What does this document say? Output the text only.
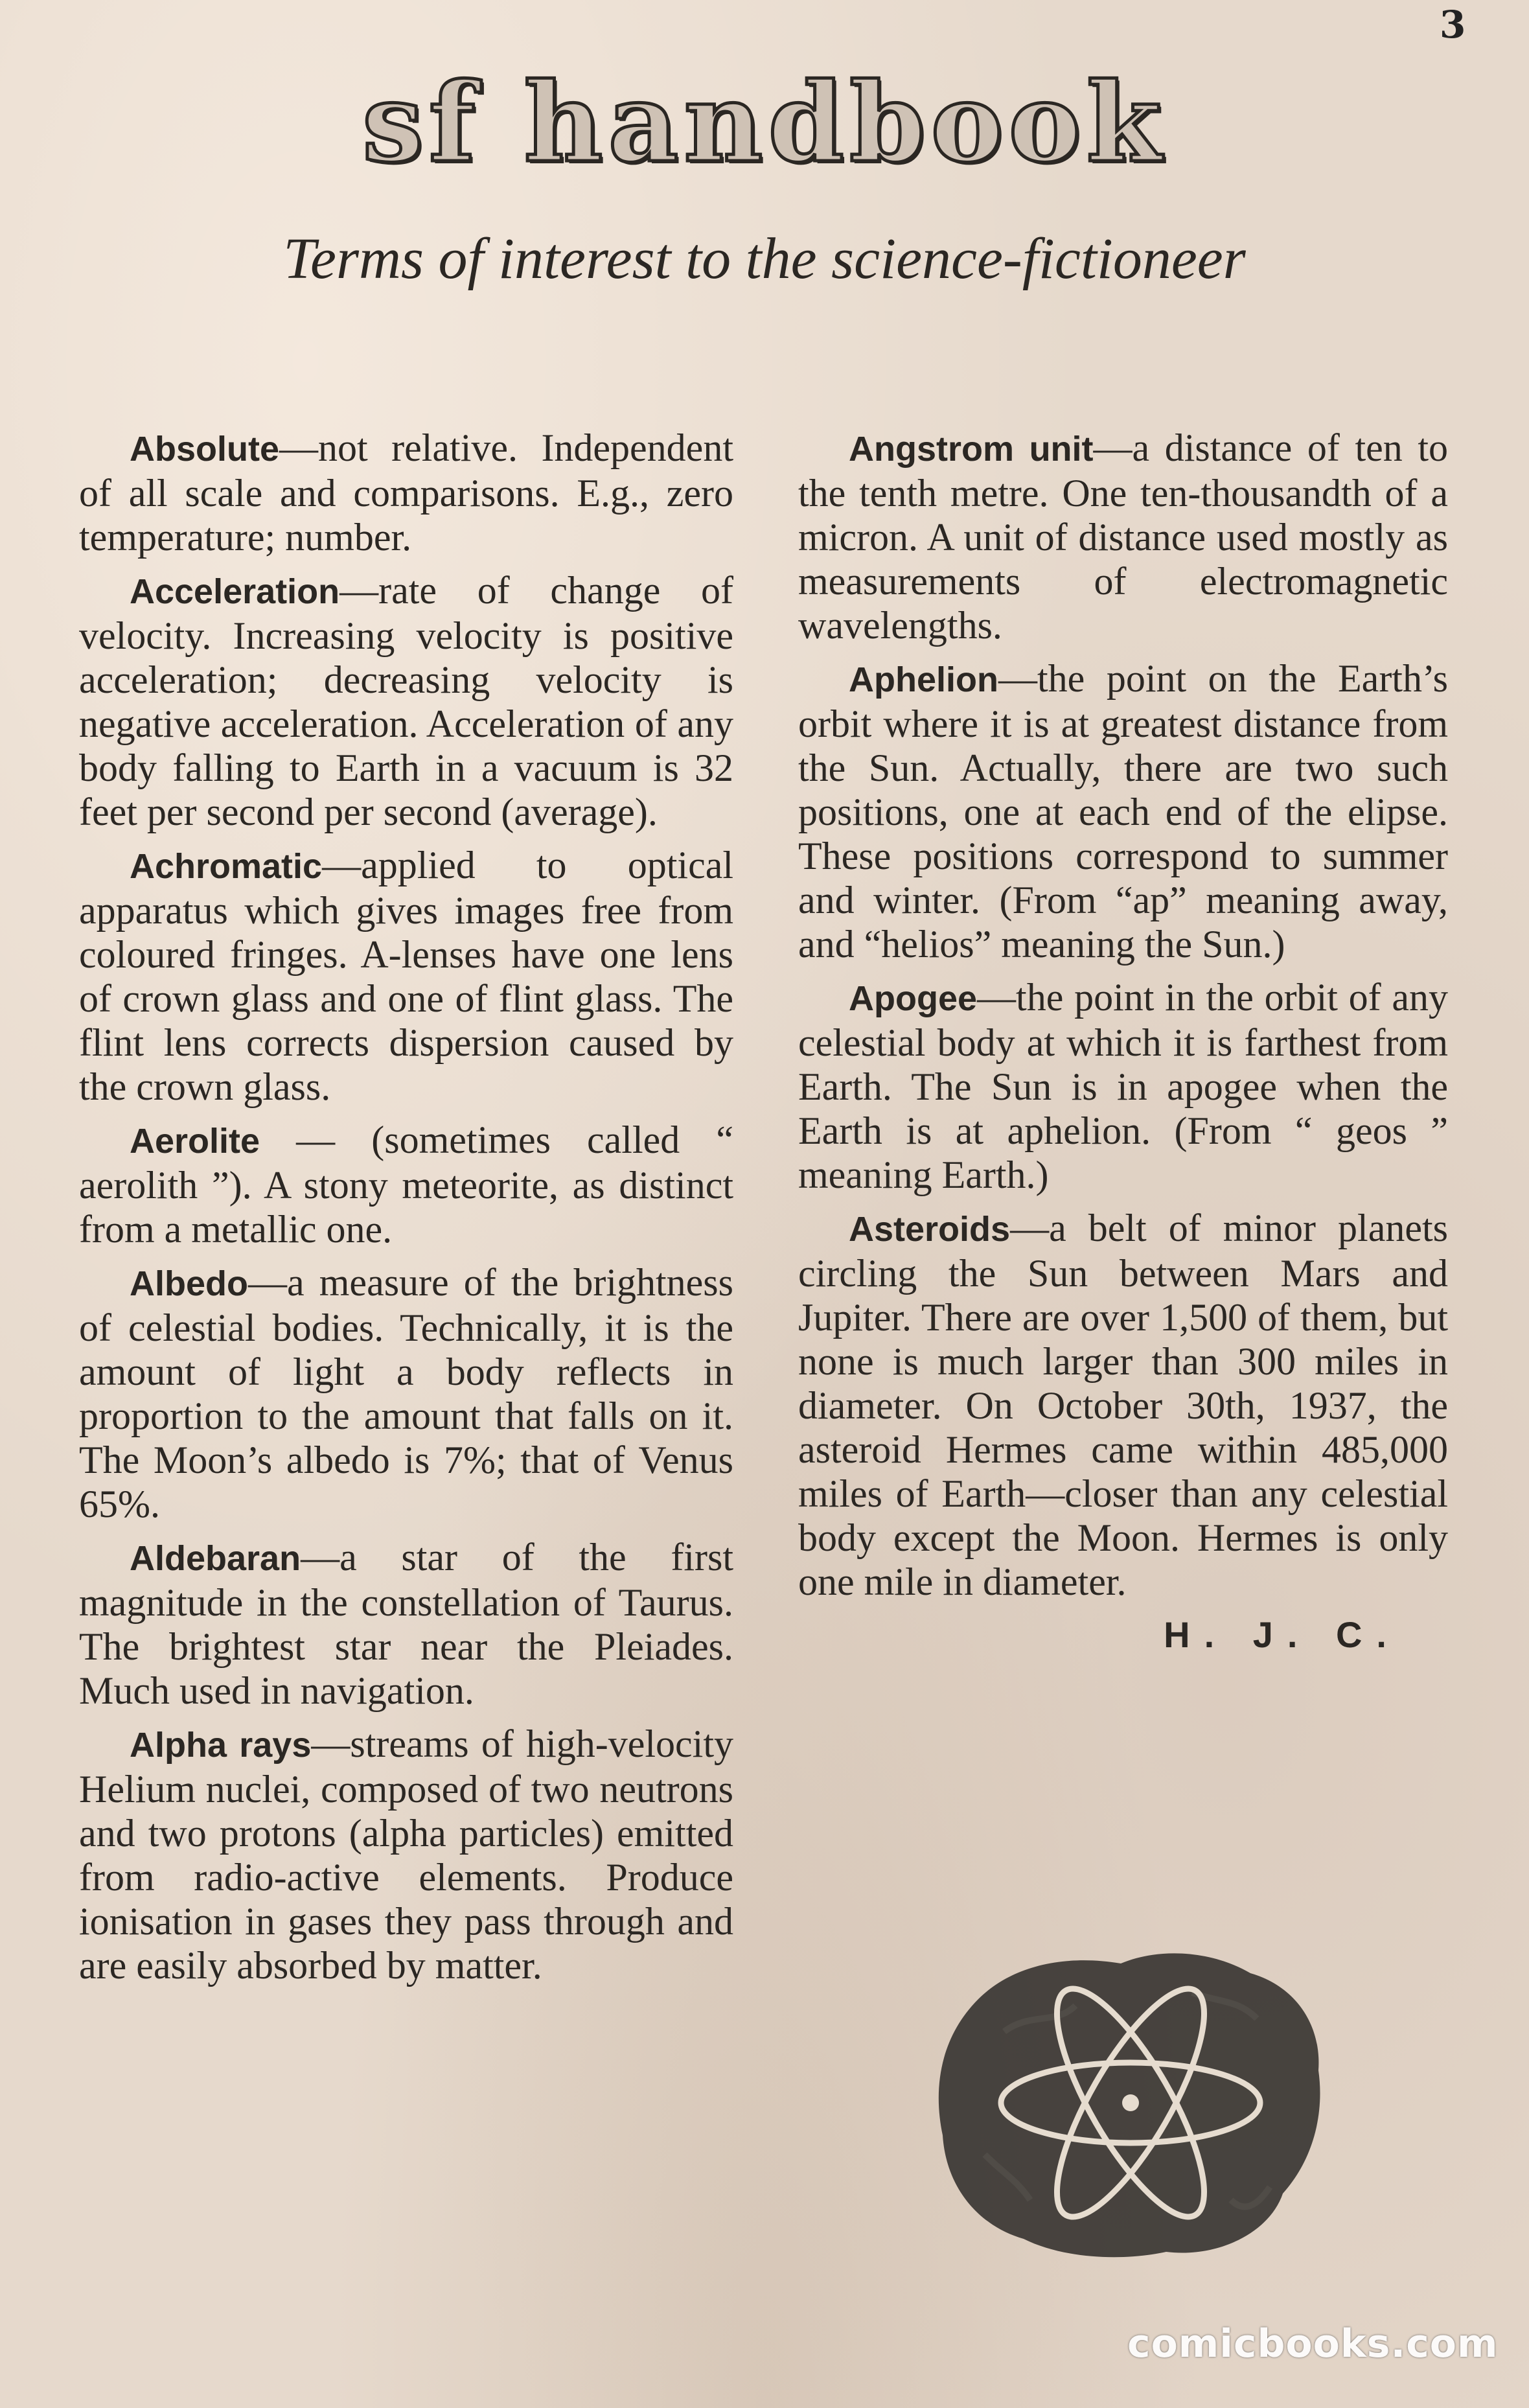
3
sf handbook
Terms of interest to the science-fictioneer

Absolute—not relative. Independent of all scale and comparisons. E.g., zero temperature; number.

Acceleration—rate of change of velocity. Increasing velocity is positive acceleration; decreasing velocity is negative acceleration. Acceleration of any body falling to Earth in a vacuum is 32 feet per second per second (average).

Achromatic—applied to optical apparatus which gives images free from coloured fringes. A-lenses have one lens of crown glass and one of flint glass. The flint lens corrects dispersion caused by the crown glass.

Aerolite — (sometimes called “ aerolith ”). A stony meteorite, as distinct from a metallic one.

Albedo—a measure of the brightness of celestial bodies. Technically, it is the amount of light a body reflects in proportion to the amount that falls on it. The Moon’s albedo is 7%; that of Venus 65%.

Aldebaran—a star of the first magnitude in the constellation of Taurus. The brightest star near the Pleiades. Much used in navigation.

Alpha rays—streams of high-velocity Helium nuclei, composed of two neutrons and two protons (alpha particles) emitted from radio-active elements. Produce ionisation in gases they pass through and are easily absorbed by matter.

Angstrom unit—a distance of ten to the tenth metre. One ten-thousandth of a micron. A unit of distance used mostly as measurements of electromagnetic wavelengths.

Aphelion—the point on the Earth’s orbit where it is at greatest distance from the Sun. Actually, there are two such positions, one at each end of the elipse. These positions correspond to summer and winter. (From “ap” meaning away, and “helios” meaning the Sun.)

Apogee—the point in the orbit of any celestial body at which it is farthest from Earth. The Sun is in apogee when the Earth is at aphelion. (From “ geos ” meaning Earth.)

Asteroids—a belt of minor planets circling the Sun between Mars and Jupiter. There are over 1,500 of them, but none is much larger than 300 miles in diameter. On October 30th, 1937, the asteroid Hermes came within 485,000 miles of Earth—closer than any celestial body except the Moon. Hermes is only one mile in diameter.

H. J. C.
comicbooks.com
